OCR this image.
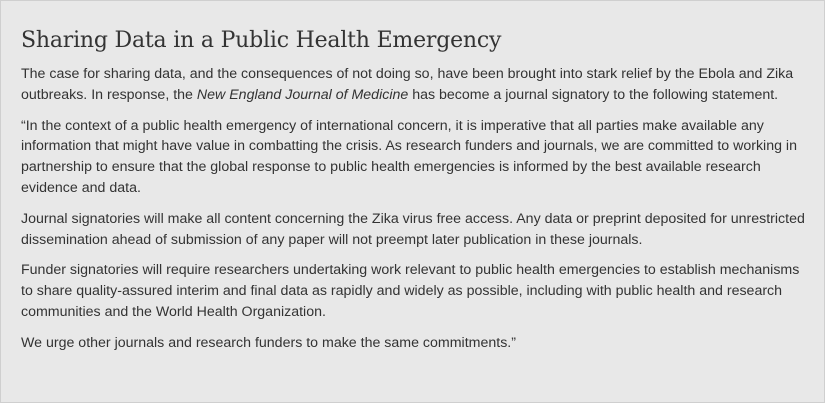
Sharing Data in a Public Health Emergency

The case for sharing data, and the consequences of not doing so, have been brought into stark relief by the Ebola and Zika outbreaks. In response, the New England Journal of Medicine has become a journal signatory to the following statement.

“In the context of a public health emergency of international concern, it is imperative that all parties make available any information that might have value in combatting the crisis. As research funders and journals, we are committed to working in partnership to ensure that the global response to public health emergencies is informed by the best available research evidence and data.

Journal signatories will make all content concerning the Zika virus free access. Any data or preprint deposited for unrestricted dissemination ahead of submission of any paper will not preempt later publication in these journals.

Funder signatories will require researchers undertaking work relevant to public health emergencies to establish mechanisms to share quality-assured interim and final data as rapidly and widely as possible, including with public health and research communities and the World Health Organization.

We urge other journals and research funders to make the same commitments.”
